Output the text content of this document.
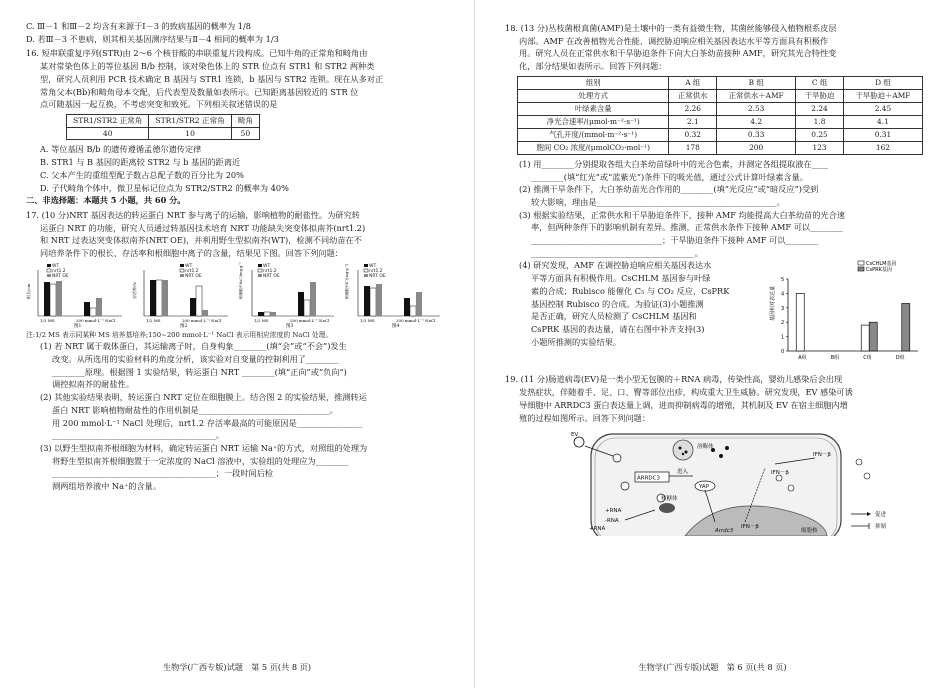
C. Ⅲ－1 和Ⅲ－2 均含有来源于Ⅰ－3 的致病基因的概率为 1/8

D. 若Ⅲ－3 不患病，则其相关基因测序结果与Ⅱ－4 相同的概率为 1/3

16. 短串联重复序列(STR)由 2～6 个核苷酸的串联重复片段构成。已知牛角的正常角和畸角由

某对常染色体上的等位基因 B/b 控制，该对染色体上的 STR 位点有 STR1 和 STR2 两种类

型，研究人员利用 PCR 技术确定 B 基因与 STR1 连锁，b 基因与 STR2 连锁。现在从多对正

常角父本(Bb)和畸角母本交配，后代表型及数量如表所示。已知距离基因较近的 STR 位

点可随基因一起互换，不考虑突变和致死。下列相关叙述错误的是

STR1/STR2 正常角	STR1/STR2 正常角	畸角
40	10	50

A. 等位基因 B/b 的遗传遵循孟德尔遗传定律

B. STR1 与 B 基因的距离较 STR2 与 b 基因的距离近

C. 父本产生的重组型配子数占总配子数的百分比为 20%

D. 子代畸角个体中，微卫星标记位点为 STR2/STR2 的概率为 40%

二、非选择题：本题共 5 小题，共 60 分。

17. (10 分)NRT 基因表达的转运蛋白 NRT 参与离子的运输，影响植物的耐盐性。为研究转

运蛋白 NRT 的功能，研究人员通过转基因技术培育 NRT 功能缺失突变体拟南芥(nrt1.2)

和 NRT 过表达突变体拟南芥(NRT OE)，并利用野生型拟南芥(WT)，检测不同幼苗在不

同培养条件下的根长、存活率和根细胞中离子的含量，结果见下图。回答下列问题：

WT
nrt1.2
NRT OE
根长/cm
1/2 MS	200 mmol·L⁻¹ NaCl
图1
WT
nrt1.2
NRT OE
存活率/%
1/2 MS	200 mmol·L⁻¹ NaCl
图2
WT
nrt1.2
NRT OE
根细胞中Na⁺/(mg·g⁻¹)
1/2 MS	200 mmol·L⁻¹ NaCl
图3
WT
nrt1.2
NRT OE
根细胞中K⁺/(mg·g⁻¹)
1/2 MS	200 mmol·L⁻¹ NaCl
图4

注:1/2 MS 表示同某种 MS 培养基培养;150~200 mmol·L⁻¹ NaCl 表示用相应浓度的 NaCl 处理。

(1) 若 NRT 属于载体蛋白，其运输离子时，自身构象________(填“会”或“不会”)发生

改变。从所选用的实验材料的角度分析，该实验对自变量的控制利用了________

________原理。根据图 1 实验结果，转运蛋白 NRT ________(填“正向”或“负向”)

调控拟南芥的耐盐性。

(2) 其他实验结果表明，转运蛋白 NRT 定位在细胞膜上。结合图 2 的实验结果，推测转运

蛋白 NRT 影响植物耐盐性的作用机制是________________________________。

用 200 mmol·L⁻¹ NaCl 处理后，nrt1.2 存活率最高的可能原因是________________

________________________________________。

(3) 以野生型拟南芥根细胞为材料，确定转运蛋白 NRT 运输 Na⁺的方式，对照组的处理为

将野生型拟南芥根细胞置于一定浓度的 NaCl 溶液中，实验组的处理应为________

________________________________________；一段时间后检

测两组培养液中 Na⁺的含量。

生物学(广西专版)试题　第 5 页(共 8 页)

18. (13 分)丛枝菌根真菌(AMF)是土壤中的一类有益微生物，其菌丝能够侵入植物根系皮层

内部。AMF 在改善植物光合性能、调控胁迫响应相关基因表达水平等方面具有积极作

用。研究人员在正常供水和干旱胁迫条件下向大白茶幼苗接种 AMF，研究其光合特性变

化，部分结果如表所示。回答下列问题：

组别	A 组	B 组	C 组	D 组
处理方式	正常供水	正常供水＋AMF	干旱胁迫	干旱胁迫＋AMF
叶绿素含量	2.26	2.53	2.24	2.45
净光合速率/(μmol·m⁻²·s⁻¹)	2.1	4.2	1.8	4.1
气孔开度/(mmol·m⁻²·s⁻¹)	0.32	0.33	0.25	0.31
胞间 CO₂ 浓度/(μmolCO₂·mol⁻¹)	178	200	123	162

(1) 用________分别提取各组大白茶幼苗绿叶中的光合色素，并测定各组提取液在____

________(填“红光”或“蓝紫光”)条件下的吸光值，通过公式计算叶绿素含量。

(2) 推测干旱条件下，大白茶幼苗光合作用的________(填“光反应”或“暗反应”)受到

较大影响，理由是____________________________________________。

(3) 根据实验结果，正常供水和干旱胁迫条件下，接种 AMF 均能提高大白茶幼苗的光合速

率，但两种条件下的影响机制有差异。推测，正常供水条件下接种 AMF 可以________

________________________________；干旱胁迫条件下接种 AMF 可以________

________________________________________。

(4) 研究发现，AMF 在调控胁迫响应相关基因表达水

平等方面具有积极作用。CsCHLM 基因参与叶绿

素的合成；Rubisco 能催化 C₅ 与 CO₂ 反应，CsPRK

基因控制 Rubisco 的合成。为验证(3)小题推测

是否正确，研究人员检测了 CsCHLM 基因和

CsPRK 基因的表达量，请在右图中补齐支持(3)

小题所推测的实验结果。

CsCHLM基因
CsPRK基因
基因相对表达量
5
4
3
2
1
0
A组	B组	C组	D组

19. (11 分)肠道病毒(EV)是一类小型无包膜的＋RNA 病毒，传染性高，婴幼儿感染后会出现

发热症状，伴随着手、足、口、臀等部位出疹，构成重大卫生威胁。研究发现，EV 感染可诱

导细胞中 ARRDC3 蛋白表达量上调，进而抑制病毒的增殖，其机制及 EV 在宿主细胞内增

殖的过程如图所示。回答下列问题：

EV
溶酶体
ARRDC3
进入
YAP
核糖体
+RNA
-RNA
+RNA
IFN－β
IFN－β
IFN－β
Arrdc3	细胞核
促进
抑制
生物学(广西专版)试题　第 6 页(共 8 页)
